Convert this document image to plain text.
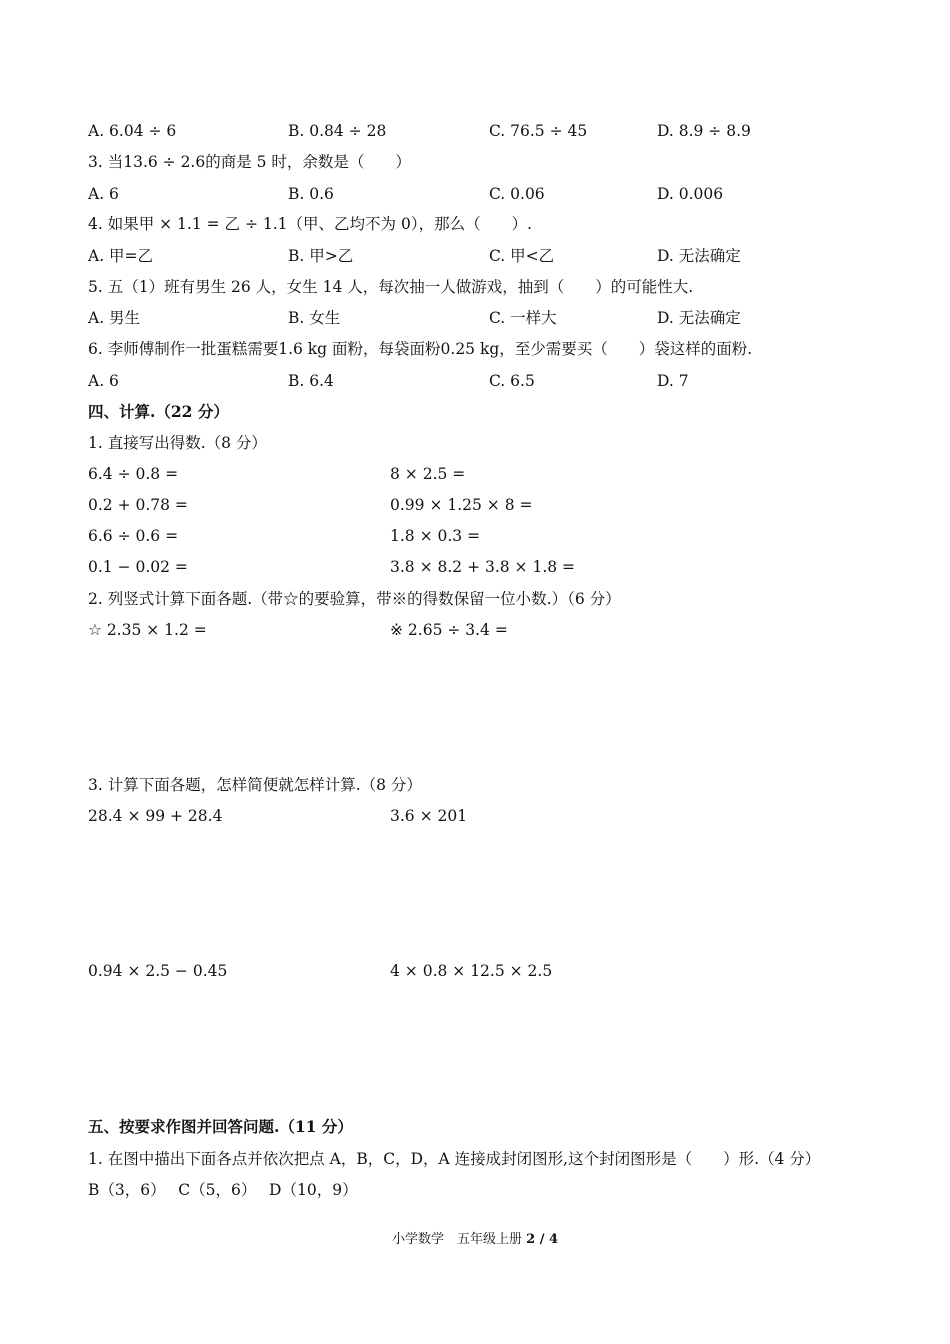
A. 6.04 ÷ 6	B. 0.84 ÷ 28	C. 76.5 ÷ 45	D. 8.9 ÷ 8.9
3. 当13.6 ÷ 2.6的商是 5 时，余数是（　　）
A. 6	B. 0.6	C. 0.06	D. 0.006
4. 如果甲 × 1.1 = 乙 ÷ 1.1（甲、乙均不为 0），那么（　　）.
A. 甲=乙	B. 甲>乙	C. 甲<乙	D. 无法确定
5. 五（1）班有男生 26 人，女生 14 人，每次抽一人做游戏，抽到（　　）的可能性大.
A. 男生	B. 女生	C. 一样大	D. 无法确定
6. 李师傅制作一批蛋糕需要1.6 kg 面粉，每袋面粉0.25 kg，至少需要买（　　）袋这样的面粉.
A. 6	B. 6.4	C. 6.5	D. 7
四、计算.（22 分）
1. 直接写出得数.（8 分）
6.4 ÷ 0.8 =	8 × 2.5 =
0.2 + 0.78 =	0.99 × 1.25 × 8 =
6.6 ÷ 0.6 =	1.8 × 0.3 =
0.1 − 0.02 =	3.8 × 8.2 + 3.8 × 1.8 =
2. 列竖式计算下面各题.（带☆的要验算，带※的得数保留一位小数.）（6 分）
☆ 2.35 × 1.2 =	※ 2.65 ÷ 3.4 =
3. 计算下面各题，怎样简便就怎样计算.（8 分）
28.4 × 99 + 28.4	3.6 × 201
0.94 × 2.5 − 0.45	4 × 0.8 × 12.5 × 2.5
五、按要求作图并回答问题.（11 分）
1. 在图中描出下面各点并依次把点 A，B，C，D，A 连接成封闭图形,这个封闭图形是（　　）形.（4 分）
B（3，6）　 C（5，6）　 D（10，9）
小学数学　五年级上册 2 / 4
